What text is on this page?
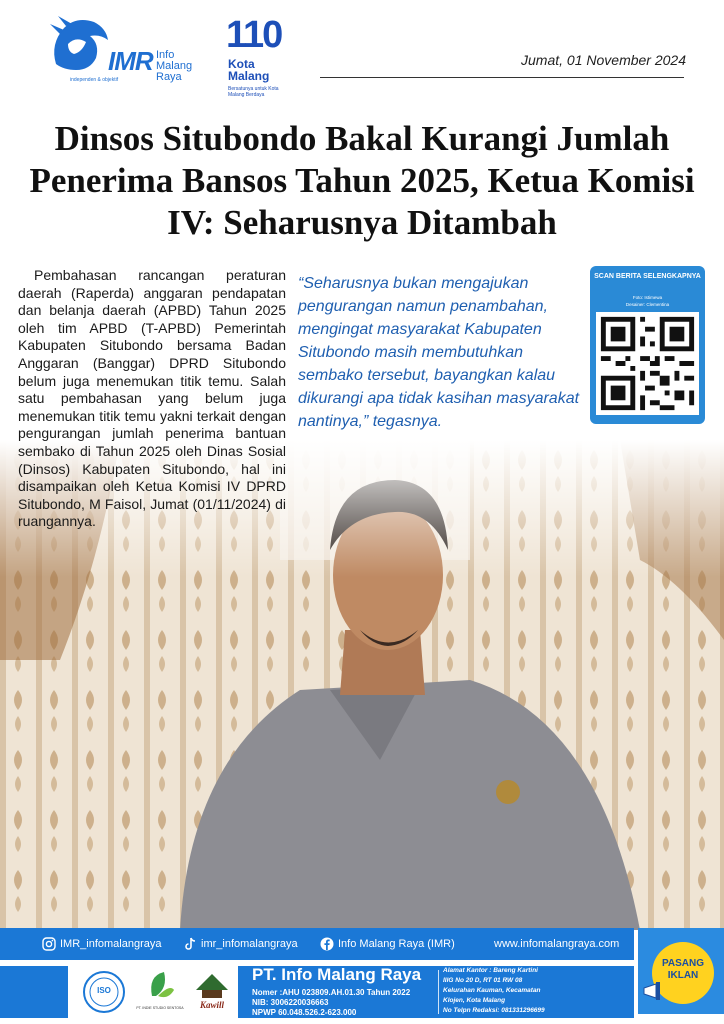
IMR Info
Malang
Raya
independen & objektif
110
Kota
Malang
Bersatunya untuk Kota Malang Berdaya
Jumat, 01 November 2024
Dinsos Situbondo Bakal Kurangi Jumlah Penerima Bansos Tahun 2025, Ketua Komisi IV: Seharusnya Ditambah
Pembahasan rancangan peraturan daerah (Raperda) anggaran pendapatan dan belanja daerah (APBD) Tahun 2025 oleh tim APBD (T-APBD) Pemerintah Kabupaten Situbondo bersama Badan Anggaran (Banggar) DPRD Situbondo belum juga menemukan titik temu. Salah satu pembahasan yang belum juga menemukan titik temu yakni terkait dengan pengurangan jumlah penerima bantuan sembako di Tahun 2025 oleh Dinas Sosial (Dinsos) Kabupaten Situbondo, hal ini disampaikan oleh Ketua Komisi IV DPRD Situbondo, M Faisol, Jumat (01/11/2024) di ruangannya.
“Seharusnya bukan mengajukan pengurangan namun penambahan, mengingat masyarakat Kabupaten Situbondo masih membutuhkan sembako tersebut, bayangkan kalau dikurangi apa tidak kasihan masyarakat nantinya,” tegasnya.
SCAN BERITA SELENGKAPNYA
Foto: Istimewa
Desainer: Clementina
IMR_infomalangraya	imr_infomalangraya	Info Malang Raya (IMR)	www.infomalangraya.com
PASANG
IKLAN
ISO
PT. INDIE STUDIO SENTOSA	Kawill
PT. Info Malang Raya
Nomer :AHU 023809.AH.01.30 Tahun 2022
NIB: 3006220036663
NPWP 60.048.526.2-623.000
Alamat Kantor : Bareng Kartini
IIIG No 20 D, RT 01 RW 08
Kelurahan Kauman, Kecamatan
Klojen, Kota Malang
No Telpn Redaksi: 081331296699
